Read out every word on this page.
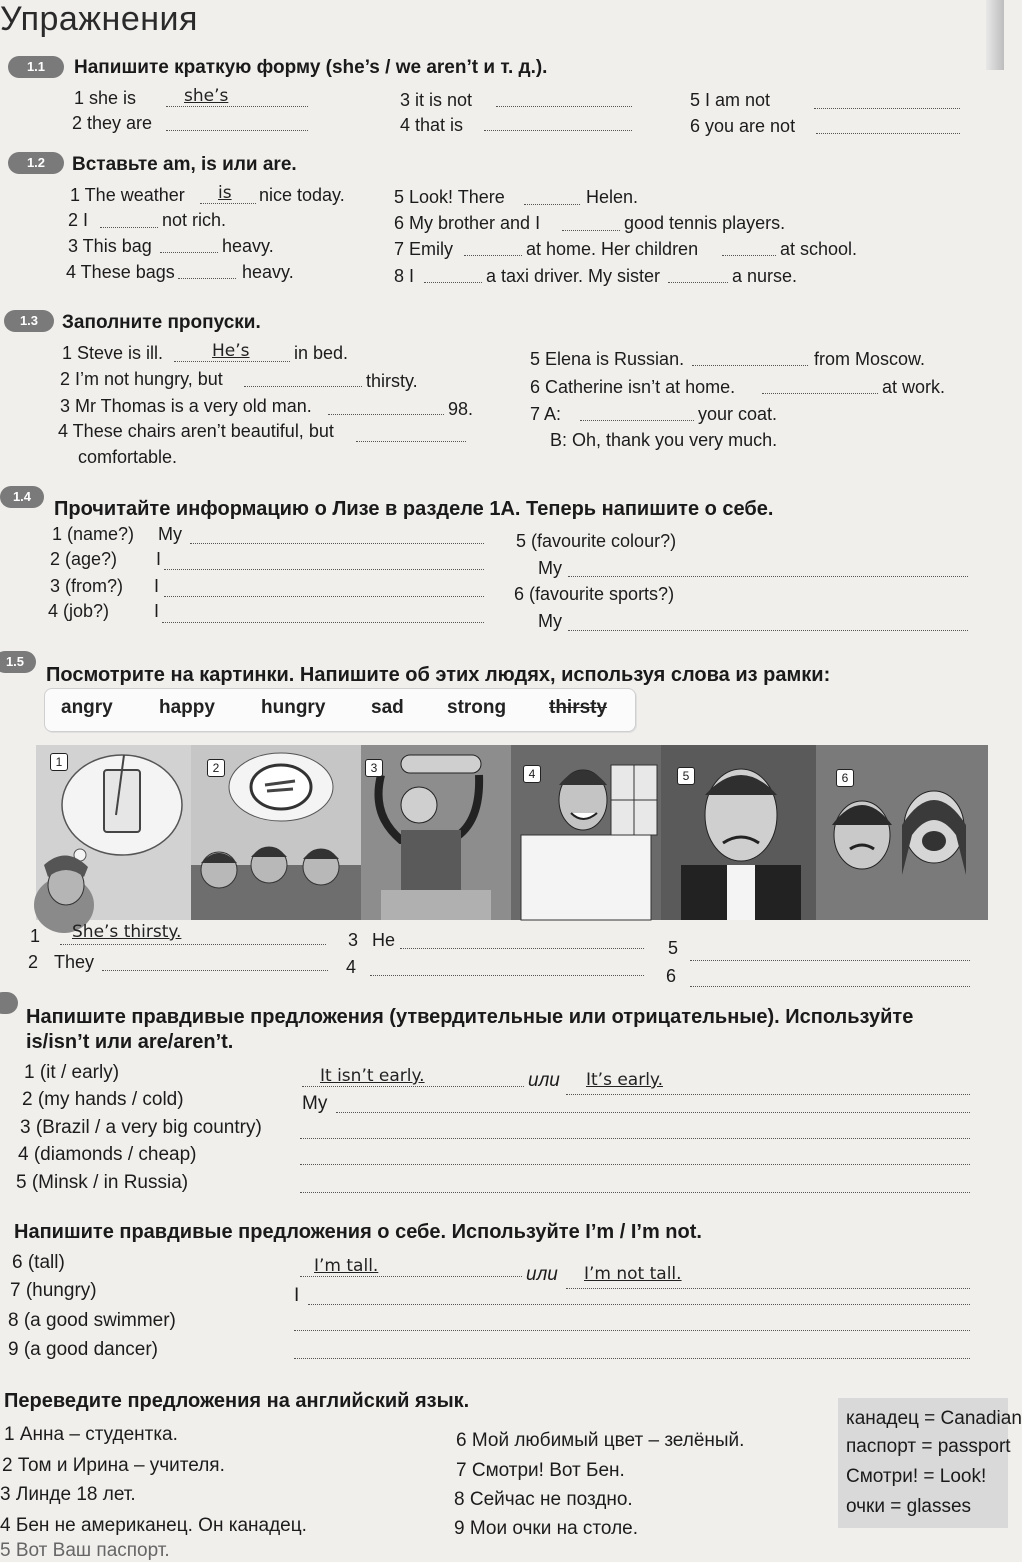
Упражнения
1.1	Напишите краткую форму (she’s / we aren’t и т. д.).
1 she is	she’s
2 they are
3 it is not
4 that is
5 I am not
6 you are not
1.2	Вставьте am, is или are.
1 The weather is nice today.
2 I	not rich.
3 This bag	heavy.
4 These bags	heavy.
5 Look! There	Helen.
6 My brother and I	good tennis players.
7 Emily	at home. Her children	at school.
8 I	a taxi driver. My sister	a nurse.
1.3	Заполните пропуски.
1 Steve is ill.	He’s in bed.
2 I’m not hungry, but	thirsty.
3 Mr Thomas is a very old man.	98.
4 These chairs aren’t beautiful, but
comfortable.
5 Elena is Russian.	from Moscow.
6 Catherine isn’t at home.	at work.
7 A:	your coat.
B: Oh, thank you very much.
1.4
Прочитайте информацию о Лизе в разделе 1А. Теперь напишите о себе.
1 (name?) My
2 (age?) I
3 (from?) I
4 (job?) I
5 (favourite colour?)
My
6 (favourite sports?)
My
1.5
Посмотрите на картинки. Напишите об этих людях, используя слова из рамки:
angry happy hungry sad strong thirsty
1	2	3	4	5	6
1 She’s thirsty.
2 They
3 He
4
5
6
Напишите правдивые предложения (утвердительные или отрицательные). Используйте
is/isn’t или are/aren’t.
1 (it / early)	It isn’t early.	или It’s early.
2 (my hands / cold)	My
3 (Brazil / a very big country)
4 (diamonds / cheap)
5 (Minsk / in Russia)
Напишите правдивые предложения о себе. Используйте I’m / I’m not.
6 (tall)	I’m tall.	или I’m not tall.
7 (hungry)	I
8 (a good swimmer)
9 (a good dancer)
Переведите предложения на английский язык.
1 Анна – студентка.
2 Том и Ирина – учителя.
3 Линде 18 лет.
4 Бен не американец. Он канадец.
5 Вот Ваш паспорт.
6 Мой любимый цвет – зелёный.
7 Смотри! Вот Бен.
8 Сейчас не поздно.
9 Мои очки на столе.
канадец = Canadian
паспорт = passport
Смотри! = Look!
очки = glasses
